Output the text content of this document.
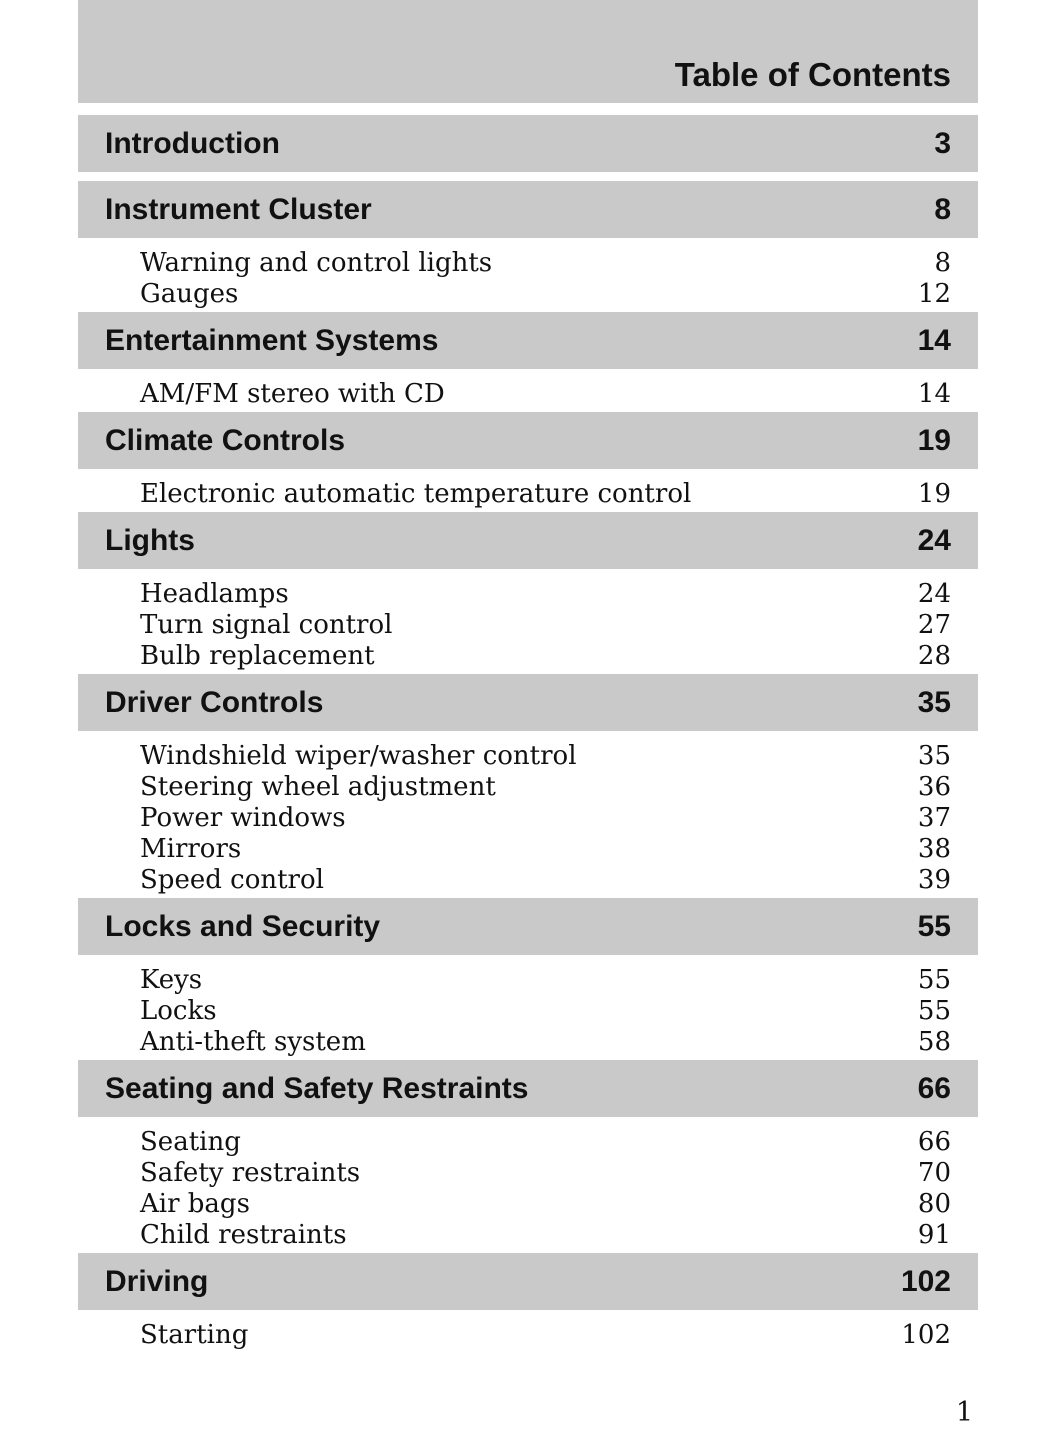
Table of Contents
Introduction	3
Instrument Cluster	8
Warning and control lights	8
Gauges	12
Entertainment Systems	14
AM/FM stereo with CD	14
Climate Controls	19
Electronic automatic temperature control	19
Lights	24
Headlamps	24
Turn signal control	27
Bulb replacement	28
Driver Controls	35
Windshield wiper/washer control	35
Steering wheel adjustment	36
Power windows	37
Mirrors	38
Speed control	39
Locks and Security	55
Keys	55
Locks	55
Anti-theft system	58
Seating and Safety Restraints	66
Seating	66
Safety restraints	70
Air bags	80
Child restraints	91
Driving	102
Starting	102
1
